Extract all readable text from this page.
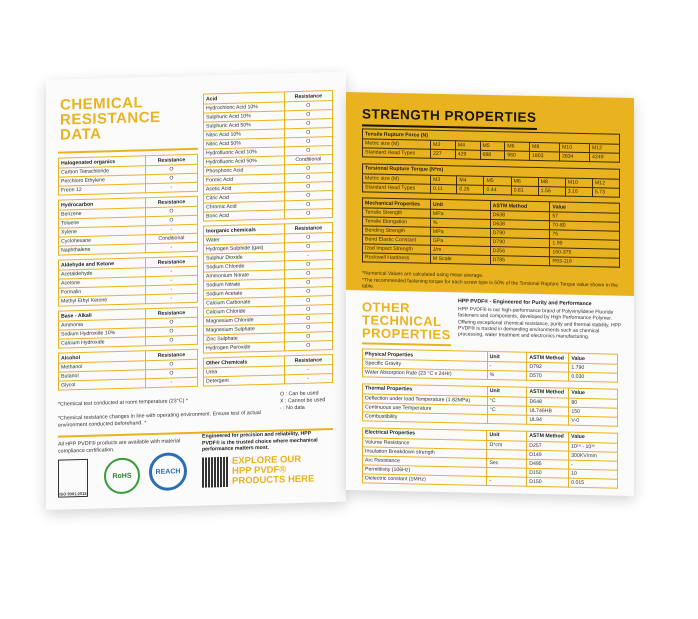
CHEMICAL
RESISTANCE
DATA
Halogenated organics	Resistance
Carbon Tetrachloride	O
Perchloro Ethylene	O
Freon 12	-
Hydrocarbon	Resistance
Benzene	O
Toluene	O
Xylene	-
Cyclohexane	Conditional
Naphthalene	-
Aldehyde and Ketone	Resistance
Acetaldehyde	-
Acetone	-
Formalin	-
Methyl Ethyl Ketone	-
Base - Alkali	Resistance
Ammonia	O
Sodium Hydroxide 10%	O
Calcium Hydroxide	O
Alcohol	Resistance
Methanol	O
Butanol	O
Glycol	-
Acid	Resistance
Hydrochloric Acid 10%	O
Sulphuric Acid 10%	O
Sulphuric Acid 50%	O
Nitric Acid 10%	O
Nitric Acid 50%	O
Hydrofluoric Acid 10%	O
Hydrofluoric Acid 50%	Conditional
Phosphoric Acid	O
Formic Acid	O
Acetic Acid	O
Citric Acid	O
Chromic Acid	O
Boric Acid	O
Inorganic chemicals	Resistance
Water	O
Hydrogen Sulphide (gas)	O
Sulphur Dioxide	-
Sodium Chloride	O
Ammonium Nitrate	O
Sodium Nitrate	O
Sodium Acetate	O
Calcium Carbonate	O
Calcium Chloride	O
Magnesium Chloride	O
Magnesium Sulphate	O
Zinc Sulphate	O
Hydrogen Peroxide	O
Other Chemicals	Resistance
Urea	-
Detergent	-
*Chemical test conducted at room temperature (23°C) *
*Chemical resistance changes in line with operating environment. Ensure test of actual environment conducted beforehand. *
O : Can be used
X : Cannot be used
- : No data
All HPP PVDF® products are available with material compliance certification.
ISO 9001:2015
RoHS
REACH
Engineered for precision and reliability, HPP PVDF® is the trusted choice where mechanical performance matters most.
EXPLORE OUR
HPP PVDF®
PRODUCTS HERE
STRENGTH PROPERTIES
Tensile Rupture Force (N)							
Metric size (M)	M3	M4	M5	M6	M8	M10	M12
Standard Head Types	227	429	688	960	1803	2834	4249
Torsional Rupture Torque (N*m)							
Metric size (M)	M3	M4	M5	M6	M8	M10	M12
Standard Head Types	0.11	0.26	0.44	0.81	1.56	3.16	5.73
Mechanical Properties	Unit	ASTM Method	Value
Tensile Strength	MPa	D638	57
Tensile Elongation	%	D638	70-80
Bending Strength	MPa	D790	75
Bend Elastic Constant	GPa	D790	1.99
Izod Impact Strength	J/m	D256	160-375
Rockwell Hardness	M Scale	D785	R93-116
*Numerical Values are calculated using mean average.
*The recommended fastening torque for each screw type is 50% of the Torsional Rupture Torque value shown in the table.
OTHER
TECHNICAL
PROPERTIES
HPP PVDF® - Engineered for Purity and Performance
HPP PVDF® is our high-performance brand of Polyvinylidene Fluoride fasteners and components, developed by High Performance Polymer. Offering exceptional chemical resistance, purity and thermal stability. HPP PVDF® is trusted in demanding environments such as chemical processing, water treatment and electronics manufacturing.
Physical Properties	Unit	ASTM Method	Value
Specific Gravity	-	D792	1.790
Water Absorption Rate (23 °C x 24Hr)	%	D570	0.030
Thermal Properties	Unit	ASTM Method	Value
Deflection under load Temperature (1.82MPa)	°C	D648	80
Continuous use Temperature	°C	UL746HB	150
Combustibility		UL94	V-0
Electrical Properties	Unit	ASTM Method	Value
Volume Resistance	Ω*cm	D257	10¹⁴ - 10¹⁵
Insulation Breakdown strength		D149	300KV/mm
Arc Resistance	Sec	D495	-
Permittivity (106Hz)		D150	10
Dielectric constant (1MHz)	-	D150	0.015
